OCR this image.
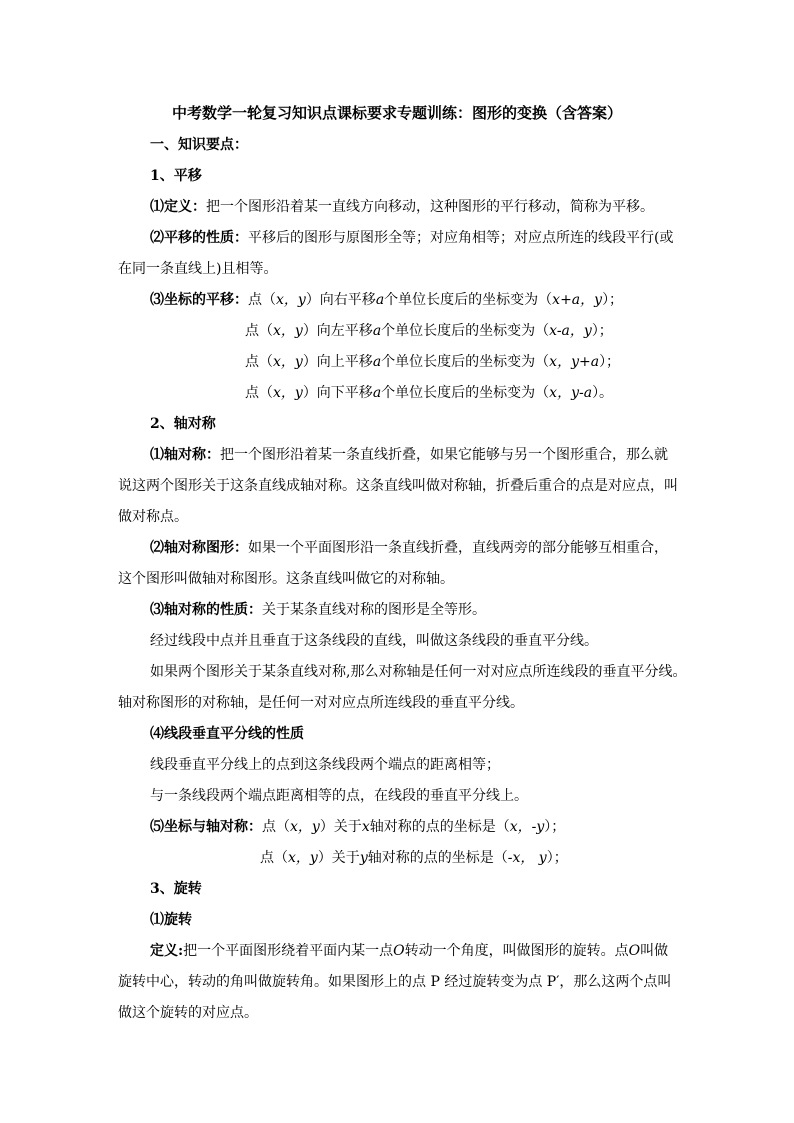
中考数学一轮复习知识点课标要求专题训练：图形的变换（含答案）
一、知识要点：
1、平移
⑴定义：把一个图形沿着某一直线方向移动，这种图形的平行移动，简称为平移。
⑵平移的性质：平移后的图形与原图形全等；对应角相等；对应点所连的线段平行(或
在同一条直线上)且相等。
⑶坐标的平移：点（x，y）向右平移a个单位长度后的坐标变为（x+a，y）；
点（x，y）向左平移a个单位长度后的坐标变为（x-a，y）；
点（x，y）向上平移a个单位长度后的坐标变为（x，y+a）；
点（x，y）向下平移a个单位长度后的坐标变为（x，y-a）。
2、轴对称
⑴轴对称：把一个图形沿着某一条直线折叠，如果它能够与另一个图形重合，那么就
说这两个图形关于这条直线成轴对称。这条直线叫做对称轴，折叠后重合的点是对应点，叫
做对称点。
⑵轴对称图形：如果一个平面图形沿一条直线折叠，直线两旁的部分能够互相重合，
这个图形叫做轴对称图形。这条直线叫做它的对称轴。
⑶轴对称的性质：关于某条直线对称的图形是全等形。
经过线段中点并且垂直于这条线段的直线，叫做这条线段的垂直平分线。
如果两个图形关于某条直线对称,那么对称轴是任何一对对应点所连线段的垂直平分线。
轴对称图形的对称轴，是任何一对对应点所连线段的垂直平分线。
⑷线段垂直平分线的性质
线段垂直平分线上的点到这条线段两个端点的距离相等；
与一条线段两个端点距离相等的点，在线段的垂直平分线上。
⑸坐标与轴对称：点（x，y）关于x轴对称的点的坐标是（x，-y）；
点（x，y）关于y轴对称的点的坐标是（-x， y）；
3、旋转
⑴旋转
定义:把一个平面图形绕着平面内某一点O转动一个角度，叫做图形的旋转。点O叫做
旋转中心，转动的角叫做旋转角。如果图形上的点 P 经过旋转变为点 P′，那么这两个点叫
做这个旋转的对应点。
